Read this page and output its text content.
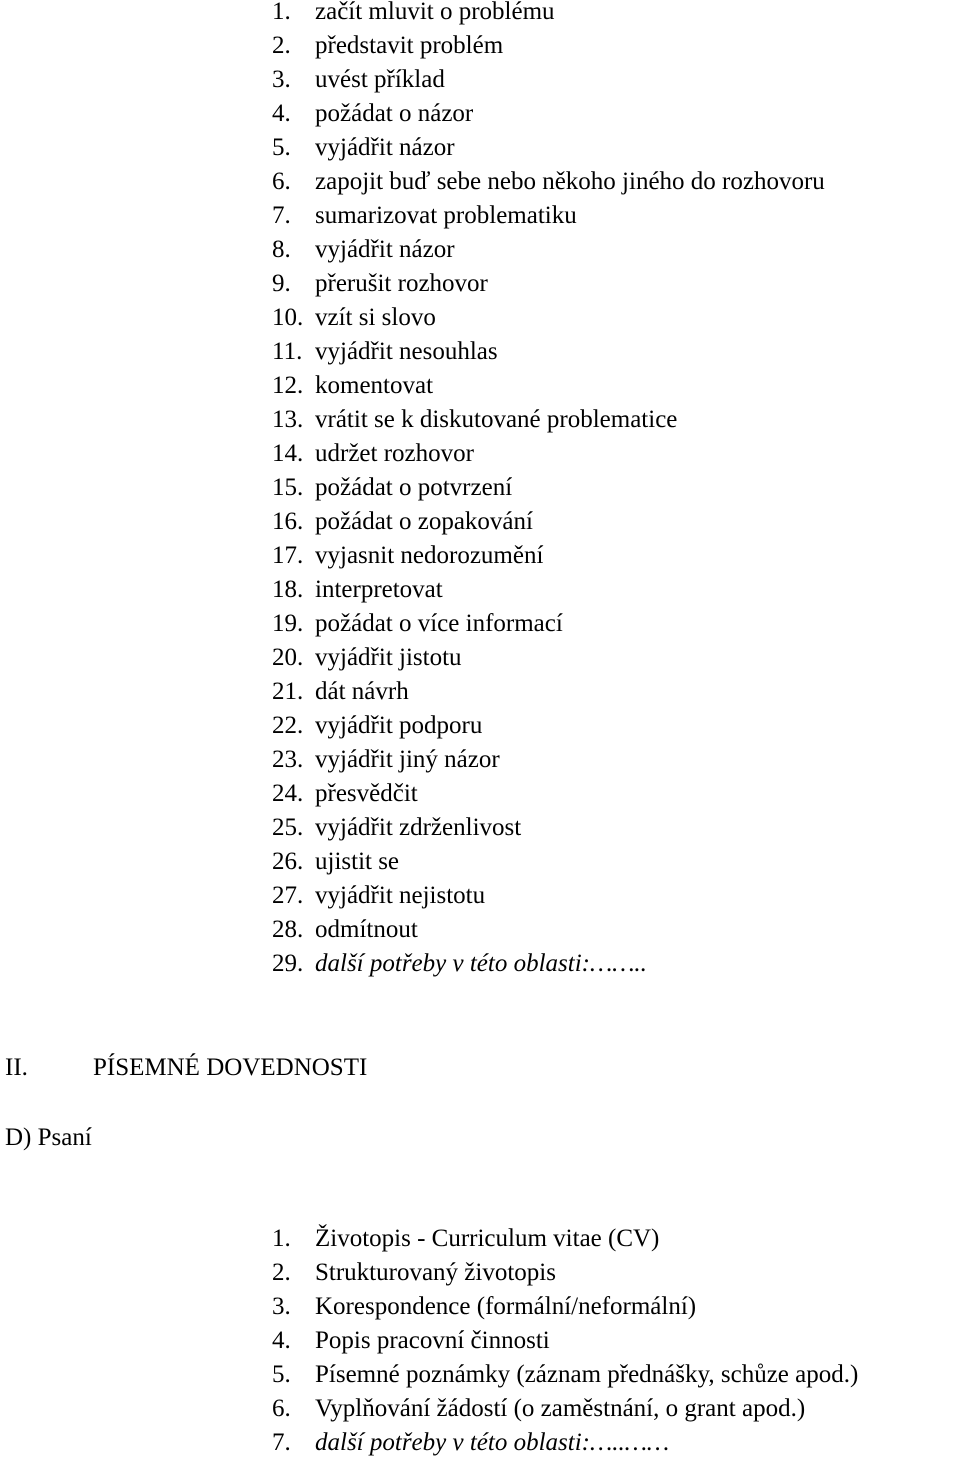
1. začít mluvit o problému
2. představit problém
3. uvést příklad
4. požádat o názor
5. vyjádřit názor
6. zapojit buď sebe nebo někoho jiného do rozhovoru
7. sumarizovat problematiku
8. vyjádřit názor
9. přerušit rozhovor
10. vzít si slovo
11. vyjádřit nesouhlas
12. komentovat
13. vrátit se k diskutované problematice
14. udržet rozhovor
15. požádat o potvrzení
16. požádat o zopakování
17. vyjasnit nedorozumění
18. interpretovat
19. požádat o více informací
20. vyjádřit jistotu
21. dát návrh
22. vyjádřit podporu
23. vyjádřit jiný názor
24. přesvědčit
25. vyjádřit zdrženlivost
26. ujistit se
27. vyjádřit nejistotu
28. odmítnout
29. další potřeby v této oblasti:……..
II.	PÍSEMNÉ DOVEDNOSTI
D) Psaní
1. Životopis - Curriculum vitae (CV)
2. Strukturovaný životopis
3. Korespondence (formální/neformální)
4. Popis pracovní činnosti
5. Písemné poznámky (záznam přednášky, schůze apod.)
6. Vyplňování žádostí (o zaměstnání, o grant apod.)
7. další potřeby v této oblasti:…..……
